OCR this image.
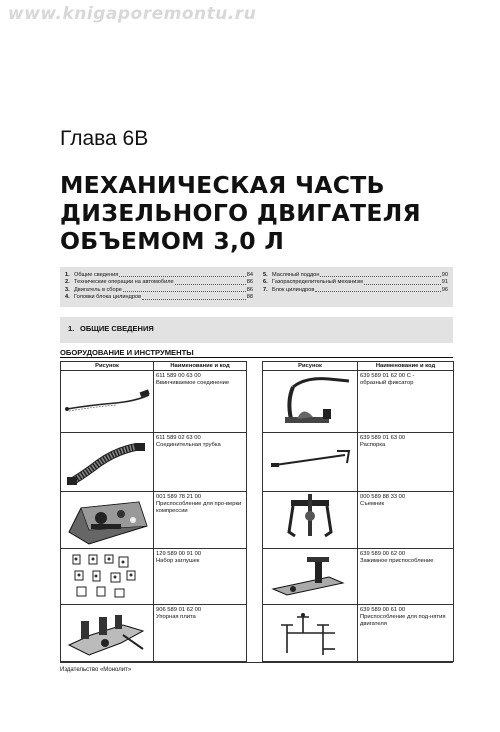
www.knigaporemontu.ru
Глава 6В
МЕХАНИЧЕСКАЯ ЧАСТЬ
ДИЗЕЛЬНОГО ДВИГАТЕЛЯ
ОБЪЕМОМ 3,0 Л
1. Общие сведения	84
2. Технические операции на автомобиле	86
3. Двигатель в сборе	86
4. Головки блока цилиндров	88
5. Масляный поддон	90
6. Газораспределительный механизм	91
7. Блок цилиндров	96
1. ОБЩИЕ СВЕДЕНИЯ
ОБОРУДОВАНИЕ И ИНСТРУМЕНТЫ
Рисунок	Наименование и код

611 589 00 63 00
Ввинчиваемое соединение

611 589 02 63 00
Соединительная трубка

001 589 78 21 00
Приспособление для про-верки компрессии

129 589 00 91 00
Набор заглушек

906 589 01 62 00
Упорная плита
Рисунок	Наименование и код

639 589 01 62 00 C -
образный фиксатор

639 589 01 63 00
Распорка

000 589 88 33 00
Съемник

639 589 00 62 00
Зажимное приспособление

639 589 00 61 00
Приспособление для под-нятия двигателя
Издательство «Монолит»
